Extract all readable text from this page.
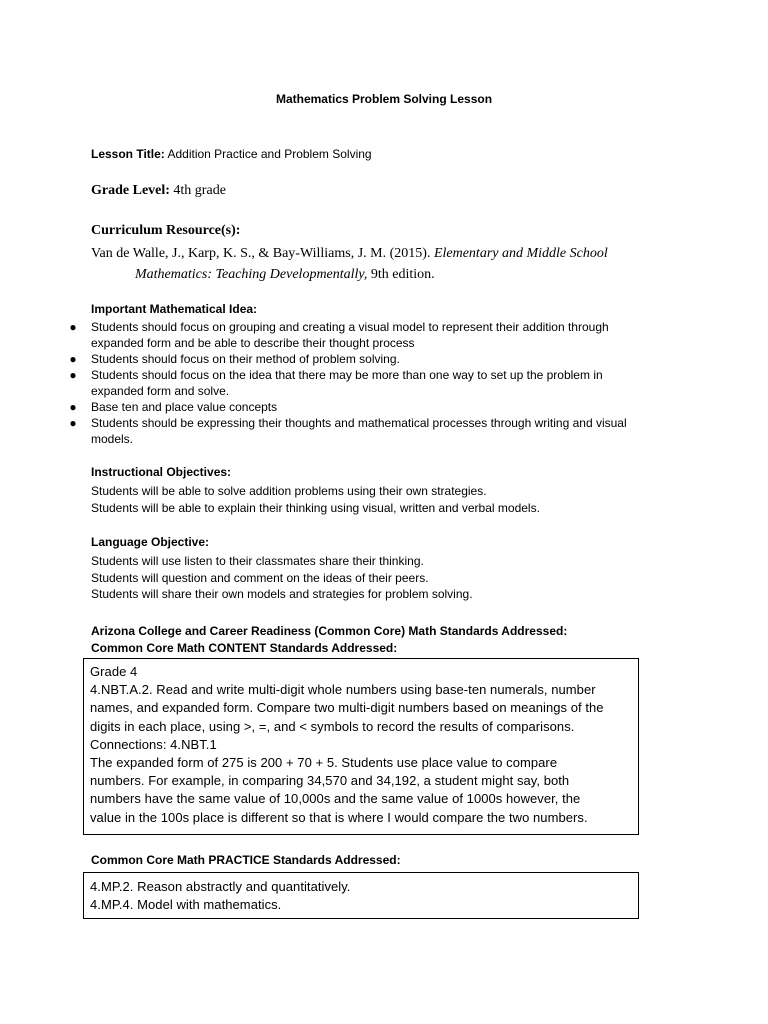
Mathematics Problem Solving Lesson
Lesson Title: Addition Practice and Problem Solving
Grade Level: 4th grade
Curriculum Resource(s):
Van de Walle, J., Karp, K. S., & Bay-Williams, J. M. (2015). Elementary and Middle School
Mathematics: Teaching Developmentally, 9th edition.
Important Mathematical Idea:
● Students should focus on grouping and creating a visual model to represent their addition through expanded form and be able to describe their thought process
● Students should focus on their method of problem solving.
● Students should focus on the idea that there may be more than one way to set up the problem in expanded form and solve.
● Base ten and place value concepts
● Students should be expressing their thoughts and mathematical processes through writing and visual models.
Instructional Objectives:
Students will be able to solve addition problems using their own strategies.
Students will be able to explain their thinking using visual, written and verbal models.
Language Objective:
Students will use listen to their classmates share their thinking.
Students will question and comment on the ideas of their peers.
Students will share their own models and strategies for problem solving.
Arizona College and Career Readiness (Common Core) Math Standards Addressed:
Common Core Math CONTENT Standards Addressed:
Grade 4
4.NBT.A.2. Read and write multi-digit whole numbers using base-ten numerals, number
names, and expanded form. Compare two multi-digit numbers based on meanings of the
digits in each place, using >, =, and < symbols to record the results of comparisons.
Connections: 4.NBT.1
The expanded form of 275 is 200 + 70 + 5. Students use place value to compare
numbers. For example, in comparing 34,570 and 34,192, a student might say, both
numbers have the same value of 10,000s and the same value of 1000s however, the
value in the 100s place is different so that is where I would compare the two numbers.
Common Core Math PRACTICE Standards Addressed:
4.MP.2. Reason abstractly and quantitatively.
4.MP.4. Model with mathematics.
